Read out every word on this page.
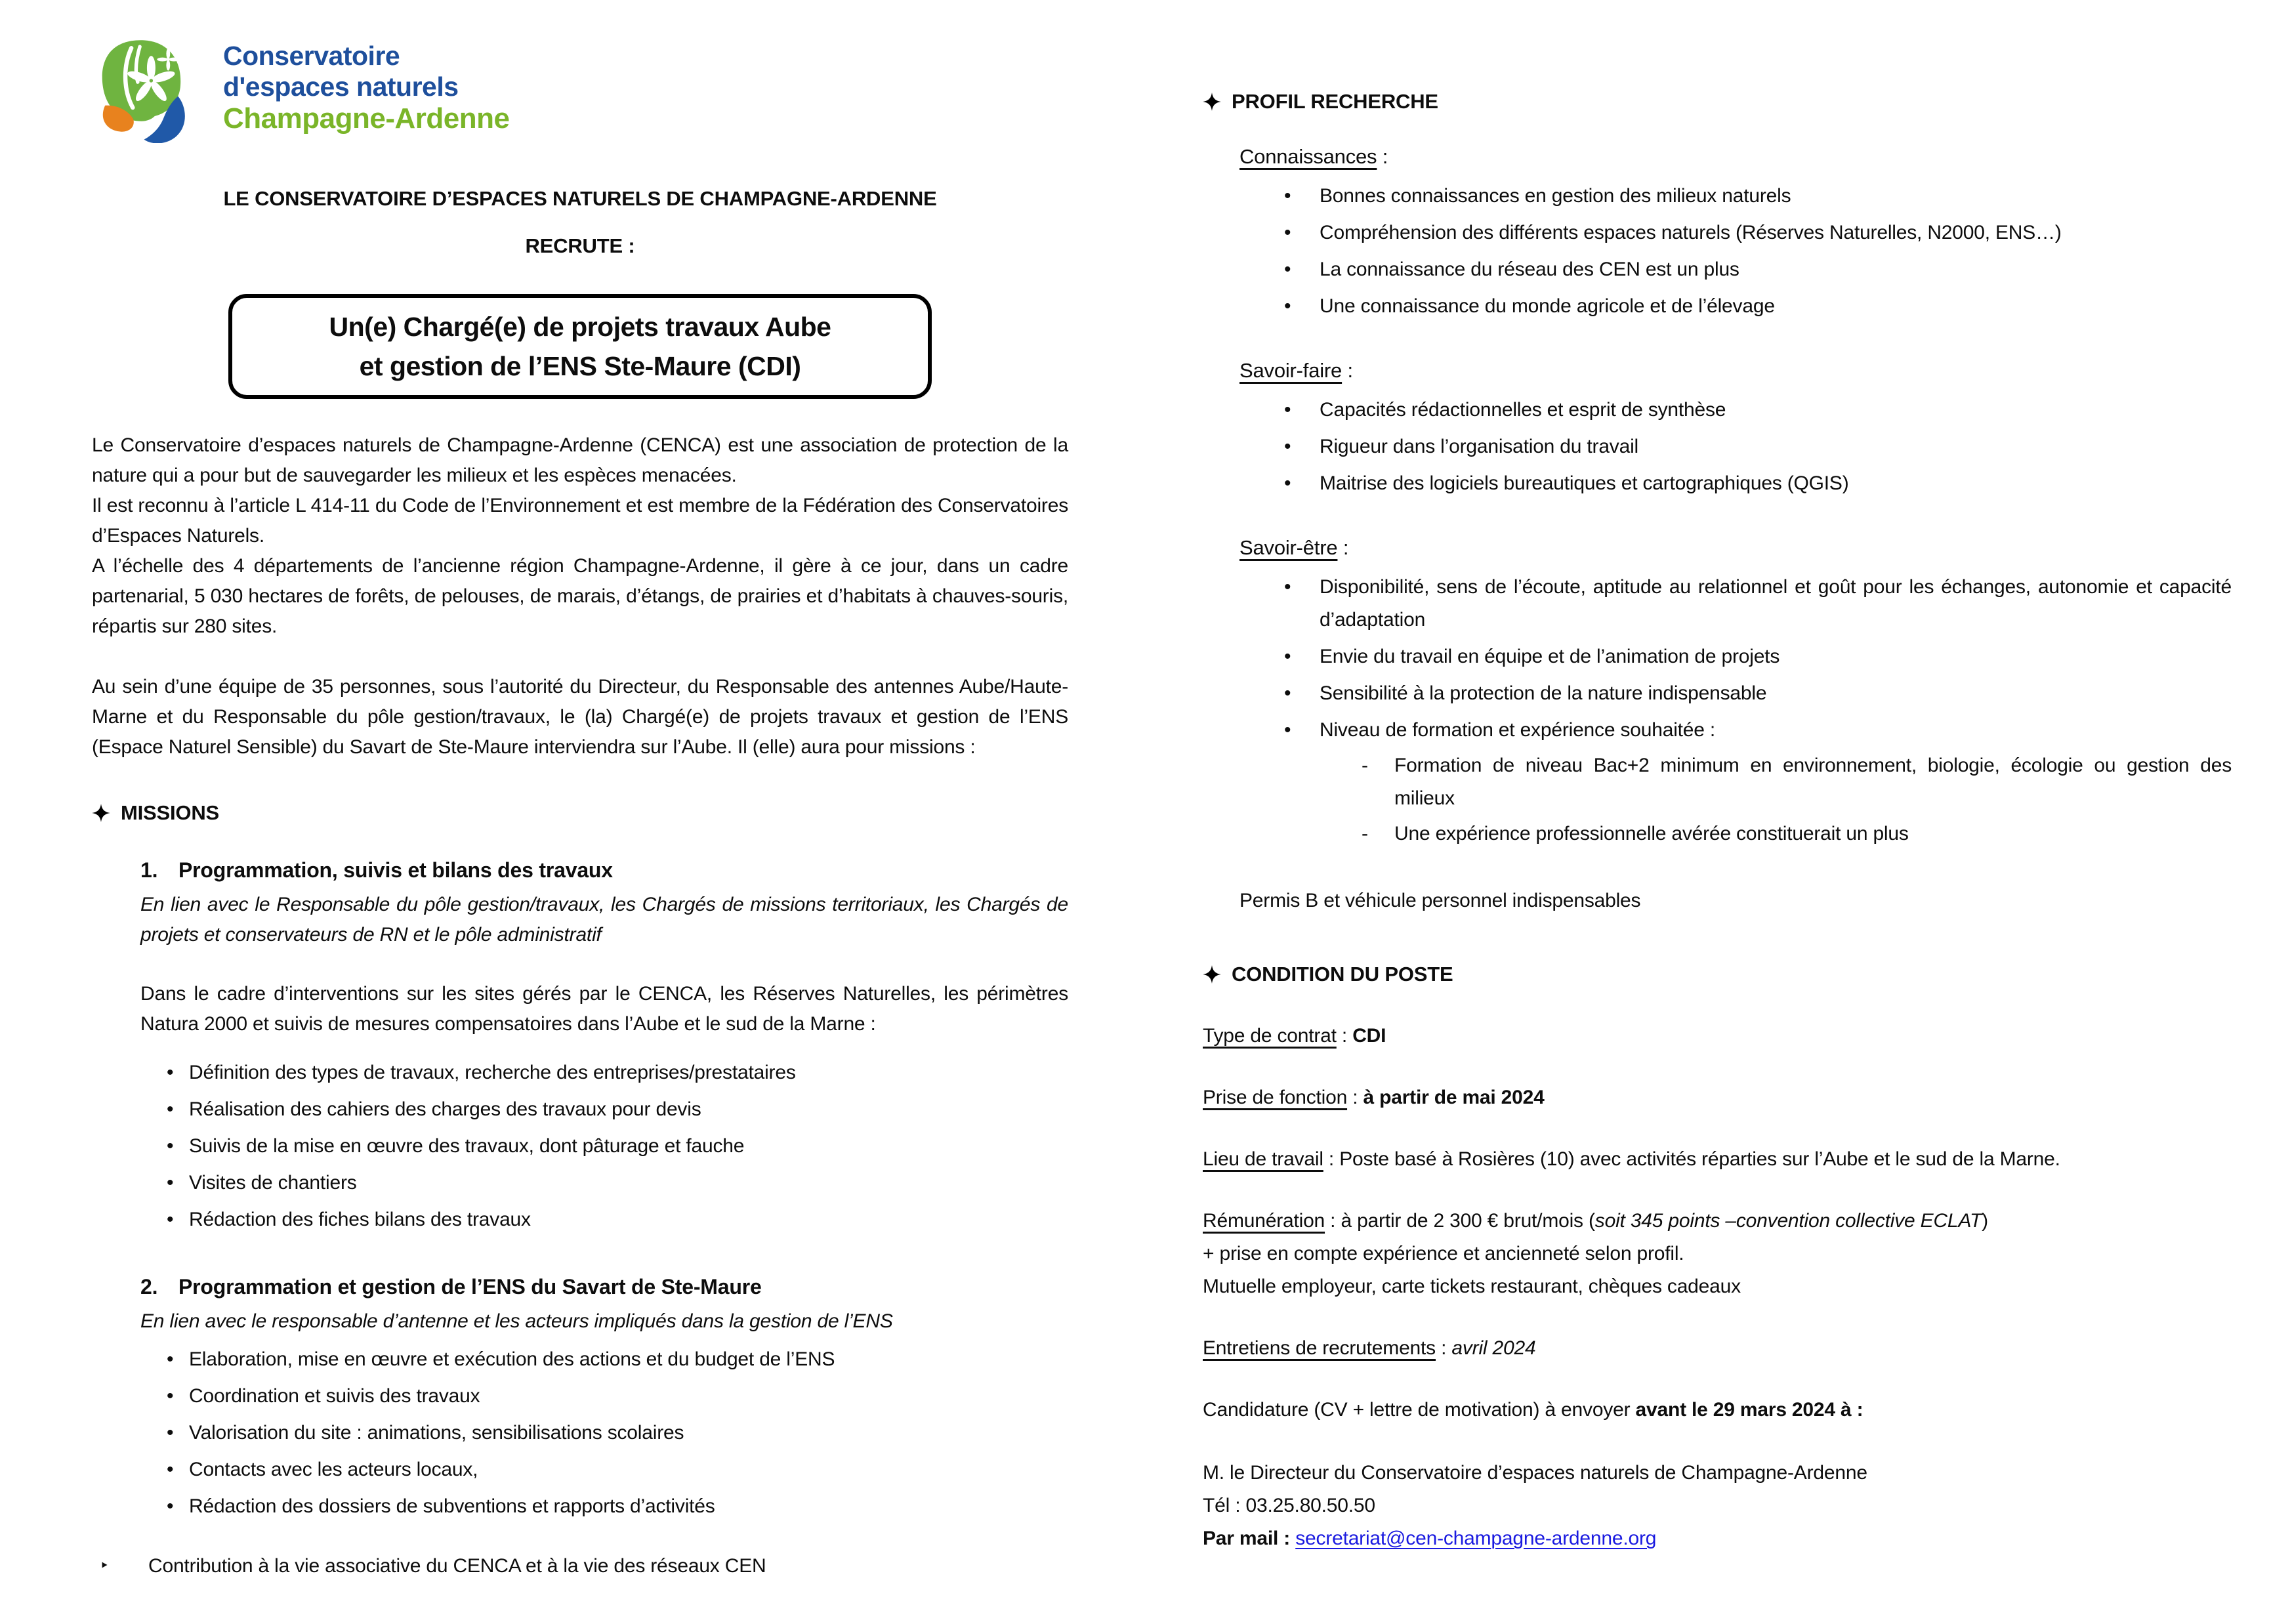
Conservatoire
d'espaces naturels
Champagne-Ardenne
LE CONSERVATOIRE D’ESPACES NATURELS DE CHAMPAGNE-ARDENNE
RECRUTE :
Un(e) Chargé(e) de projets travaux Aube
et gestion de l’ENS Ste-Maure (CDI)
Le Conservatoire d’espaces naturels de Champagne-Ardenne (CENCA) est une association de protection de la nature qui a pour but de sauvegarder les milieux et les espèces menacées.
Il est reconnu à l’article L 414-11 du Code de l’Environnement et est membre de la Fédération des Conservatoires d’Espaces Naturels.
A l’échelle des 4 départements de l’ancienne région Champagne-Ardenne, il gère à ce jour, dans un cadre partenarial, 5 030 hectares de forêts, de pelouses, de marais, d’étangs, de prairies et d’habitats à chauves-souris, répartis sur 280 sites.
Au sein d’une équipe de 35 personnes, sous l’autorité du Directeur, du Responsable des antennes Aube/Haute-Marne et du Responsable du pôle gestion/travaux, le (la) Chargé(e) de projets travaux et gestion de l’ENS (Espace Naturel Sensible) du Savart de Ste-Maure interviendra sur l’Aube. Il (elle) aura pour missions :
MISSIONS
1. Programmation, suivis et bilans des travaux
En lien avec le Responsable du pôle gestion/travaux, les Chargés de missions territoriaux, les Chargés de projets et conservateurs de RN et le pôle administratif
Dans le cadre d’interventions sur les sites gérés par le CENCA, les Réserves Naturelles, les périmètres Natura 2000 et suivis de mesures compensatoires dans l’Aube et le sud de la Marne :
• Définition des types de travaux, recherche des entreprises/prestataires
• Réalisation des cahiers des charges des travaux pour devis
• Suivis de la mise en œuvre des travaux, dont pâturage et fauche
• Visites de chantiers
• Rédaction des fiches bilans des travaux
2. Programmation et gestion de l’ENS du Savart de Ste-Maure
En lien avec le responsable d’antenne et les acteurs impliqués dans la gestion de l’ENS
• Elaboration, mise en œuvre et exécution des actions et du budget de l’ENS
• Coordination et suivis des travaux
• Valorisation du site : animations, sensibilisations scolaires
• Contacts avec les acteurs locaux,
• Rédaction des dossiers de subventions et rapports d’activités
‣ Contribution à la vie associative du CENCA et à la vie des réseaux CEN
PROFIL RECHERCHE
Connaissances :
• Bonnes connaissances en gestion des milieux naturels
• Compréhension des différents espaces naturels (Réserves Naturelles, N2000, ENS…)
• La connaissance du réseau des CEN est un plus
• Une connaissance du monde agricole et de l’élevage
Savoir-faire :
• Capacités rédactionnelles et esprit de synthèse
• Rigueur dans l’organisation du travail
• Maitrise des logiciels bureautiques et cartographiques (QGIS)
Savoir-être :
• Disponibilité, sens de l’écoute, aptitude au relationnel et goût pour les échanges, autonomie et capacité d’adaptation
• Envie du travail en équipe et de l’animation de projets
• Sensibilité à la protection de la nature indispensable
• Niveau de formation et expérience souhaitée :
- Formation de niveau Bac+2 minimum en environnement, biologie, écologie ou gestion des milieux
- Une expérience professionnelle avérée constituerait un plus
Permis B et véhicule personnel indispensables
CONDITION DU POSTE
Type de contrat : CDI
Prise de fonction : à partir de mai 2024
Lieu de travail : Poste basé à Rosières (10) avec activités réparties sur l’Aube et le sud de la Marne.
Rémunération : à partir de 2 300 € brut/mois (soit 345 points –convention collective ECLAT)
+ prise en compte expérience et ancienneté selon profil.
Mutuelle employeur, carte tickets restaurant, chèques cadeaux
Entretiens de recrutements : avril 2024
Candidature (CV + lettre de motivation) à envoyer avant le 29 mars 2024 à :
M. le Directeur du Conservatoire d’espaces naturels de Champagne-Ardenne
Tél : 03.25.80.50.50
Par mail : secretariat@cen-champagne-ardenne.org
